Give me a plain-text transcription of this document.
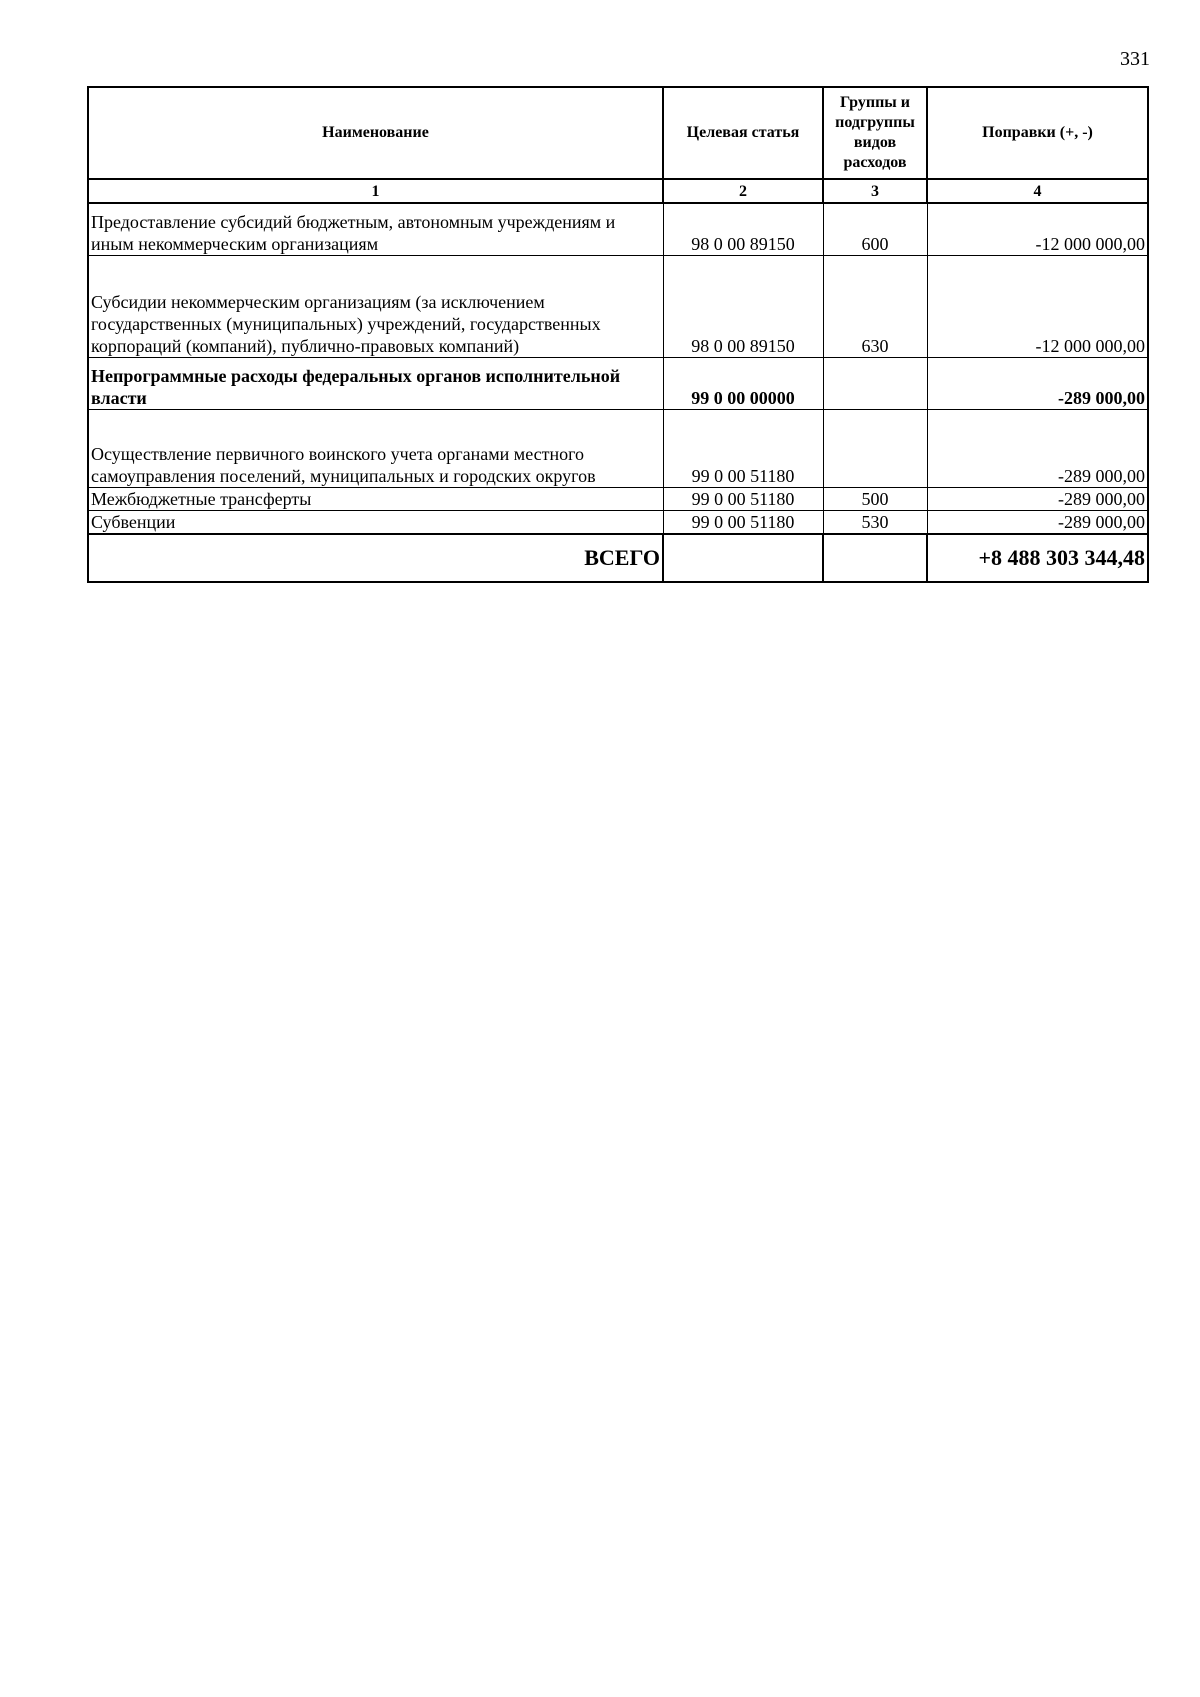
331
Наименование	Целевая статья	Группы и подгруппы видов расходов	Поправки (+, -)
1	2	3	4
Предоставление субсидий бюджетным, автономным учреждениям и иным некоммерческим организациям	98 0 00 89150	600	-12 000 000,00
Субсидии некоммерческим организациям (за исключением государственных (муниципальных) учреждений, государственных корпораций (компаний), публично-правовых компаний)	98 0 00 89150	630	-12 000 000,00
Непрограммные расходы федеральных органов исполнительной власти	99 0 00 00000		-289 000,00
Осуществление первичного воинского учета органами местного самоуправления поселений, муниципальных и городских округов	99 0 00 51180		-289 000,00
Межбюджетные трансферты	99 0 00 51180	500	-289 000,00
Субвенции	99 0 00 51180	530	-289 000,00
ВСЕГО			+8 488 303 344,48
